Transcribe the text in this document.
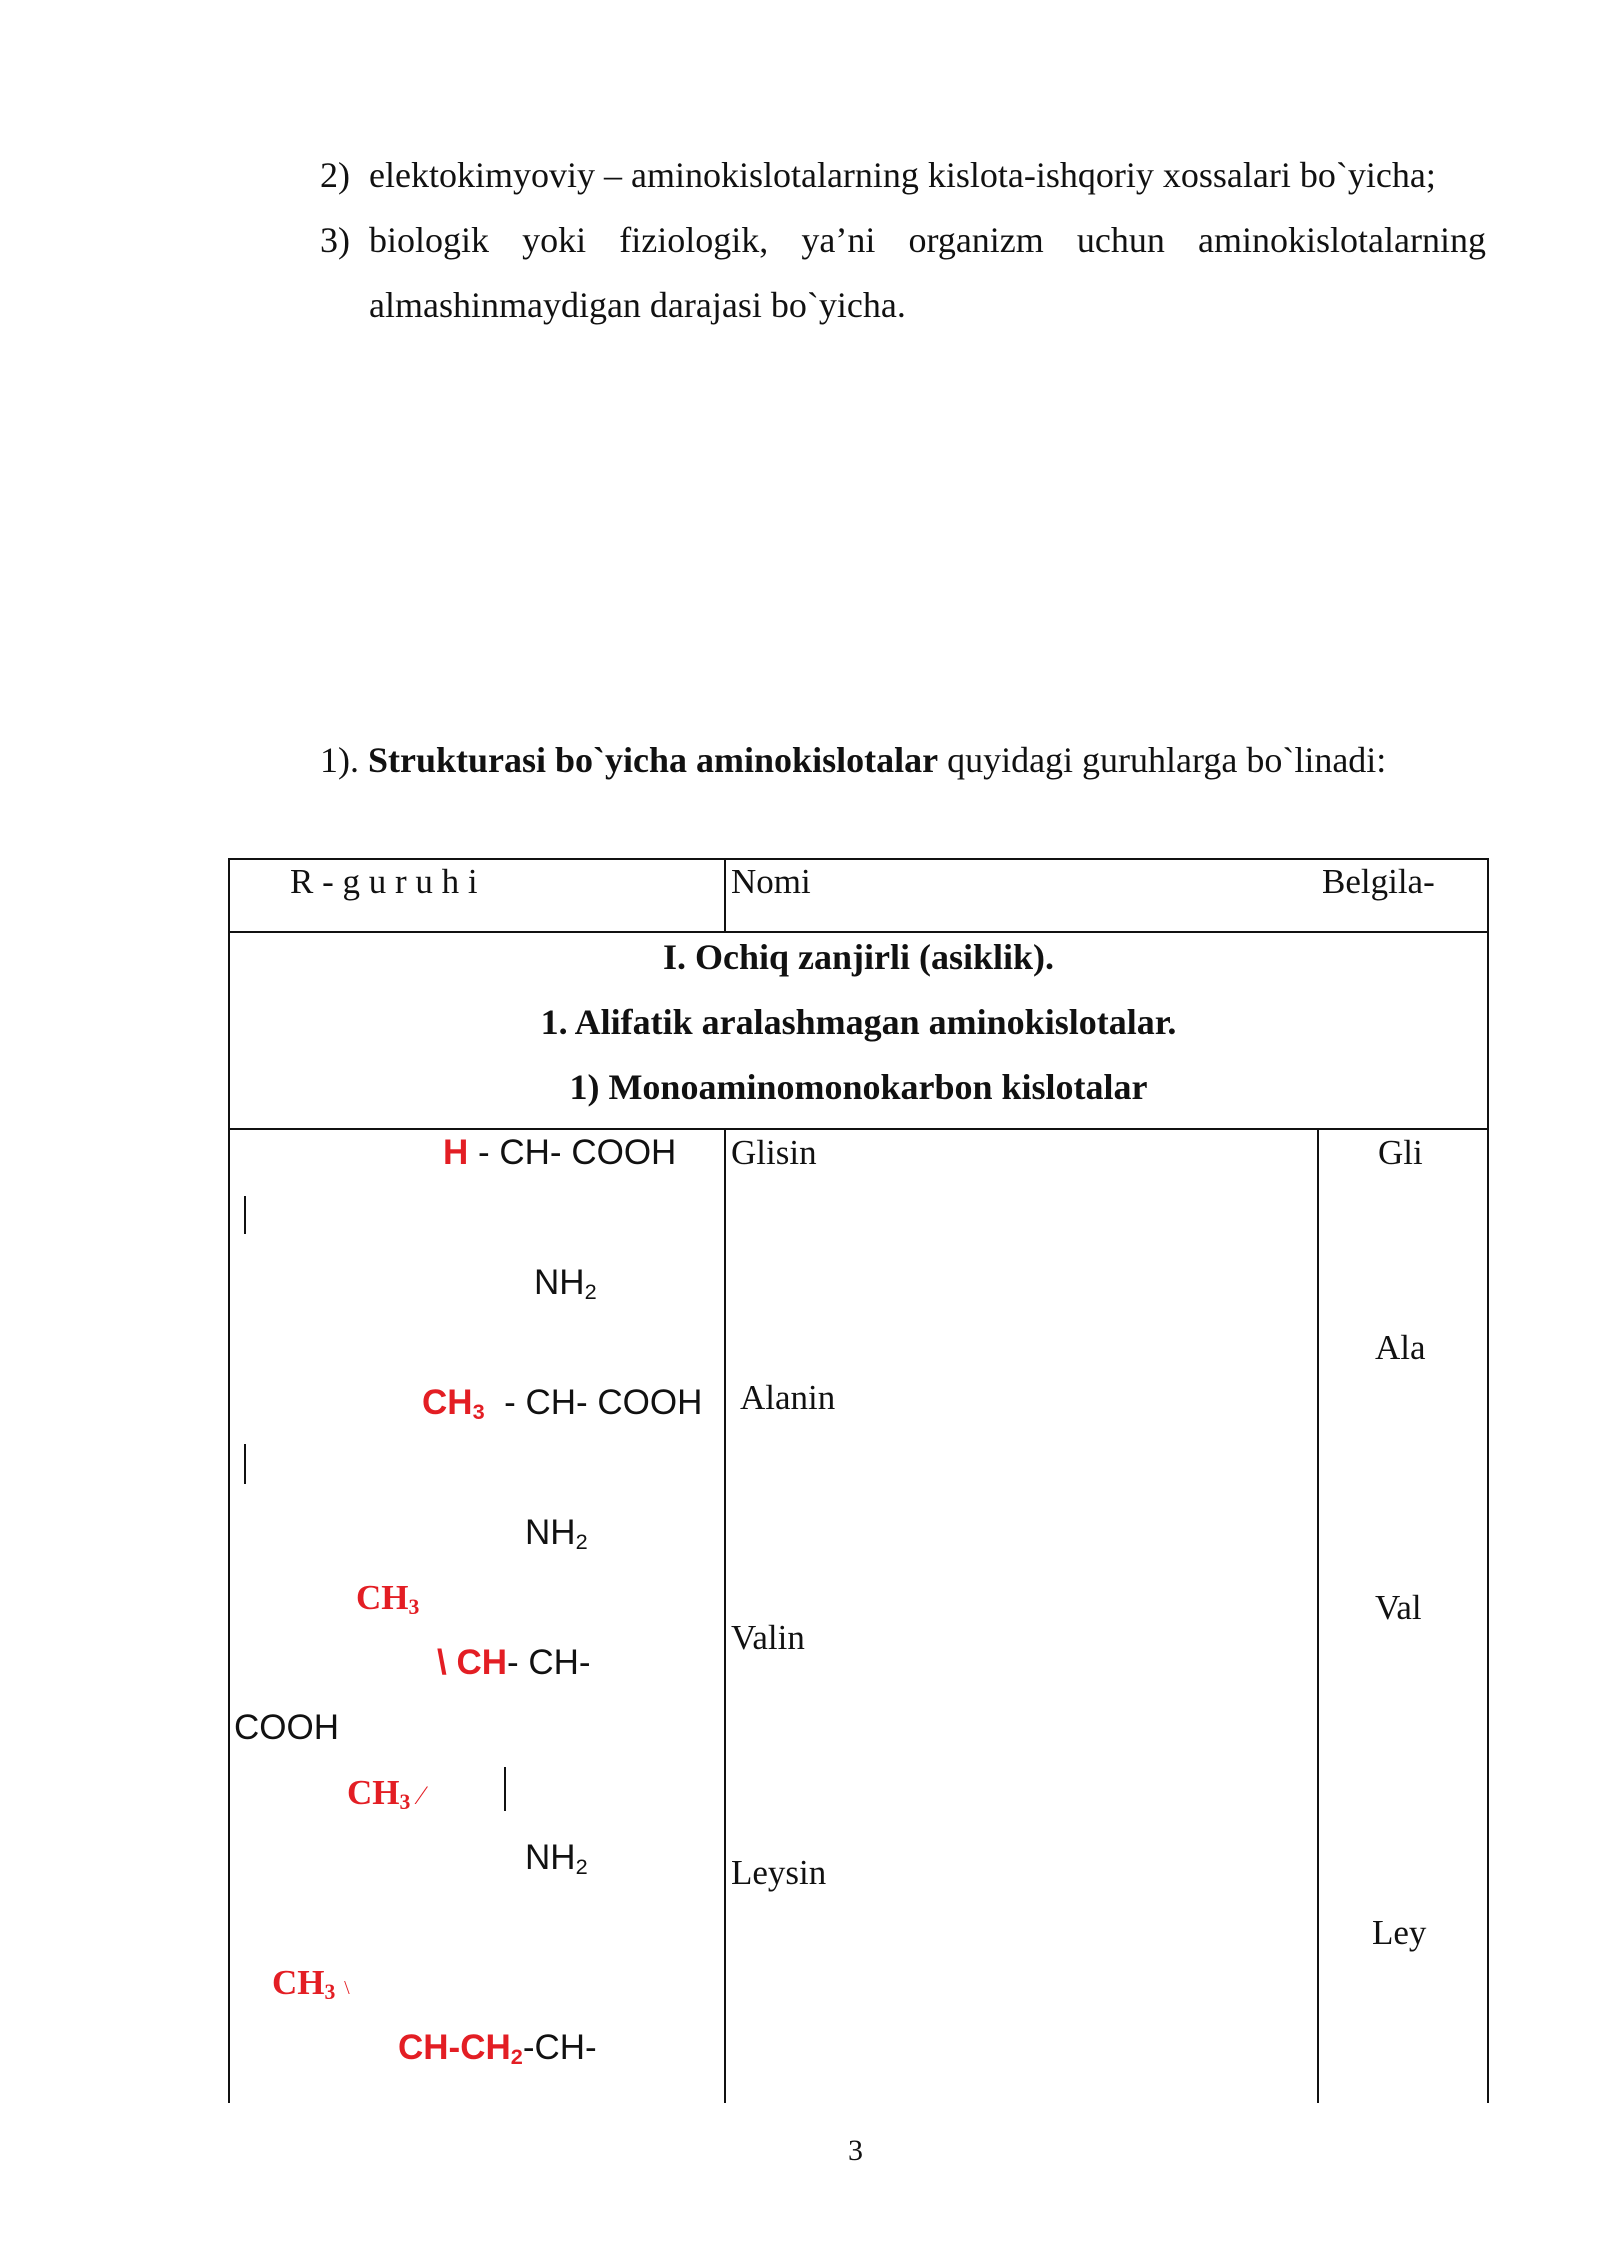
2) elektokimyoviy – aminokislotalarning kislota-ishqoriy xossalari bo`yicha;
3) biologik yoki fiziologik, ya’ni organizm uchun aminokislotalarning
almashinmaydigan darajasi bo`yicha.
1). Strukturasi bo`yicha aminokislotalar quyidagi guruhlarga bo`linadi:
R - g u r u h i	Nomi	Belgila-
I. Ochiq zanjirli (asiklik).
1. Alifatik aralashmagan aminokislotalar.
1) Monoaminomonokarbon kislotalar
H - CH- COOH
$NH_2$
$CH_3 - CH-$ COOH
$NH_2$
$CH_3$
\ CH- CH-
COOH
$CH_3$ ⁄
$NH_2$
$CH_3$ \
$CH-CH_2-CH-$
Glisin
Alanin
Valin
Leysin
Gli
Ala
Val
Ley
3
